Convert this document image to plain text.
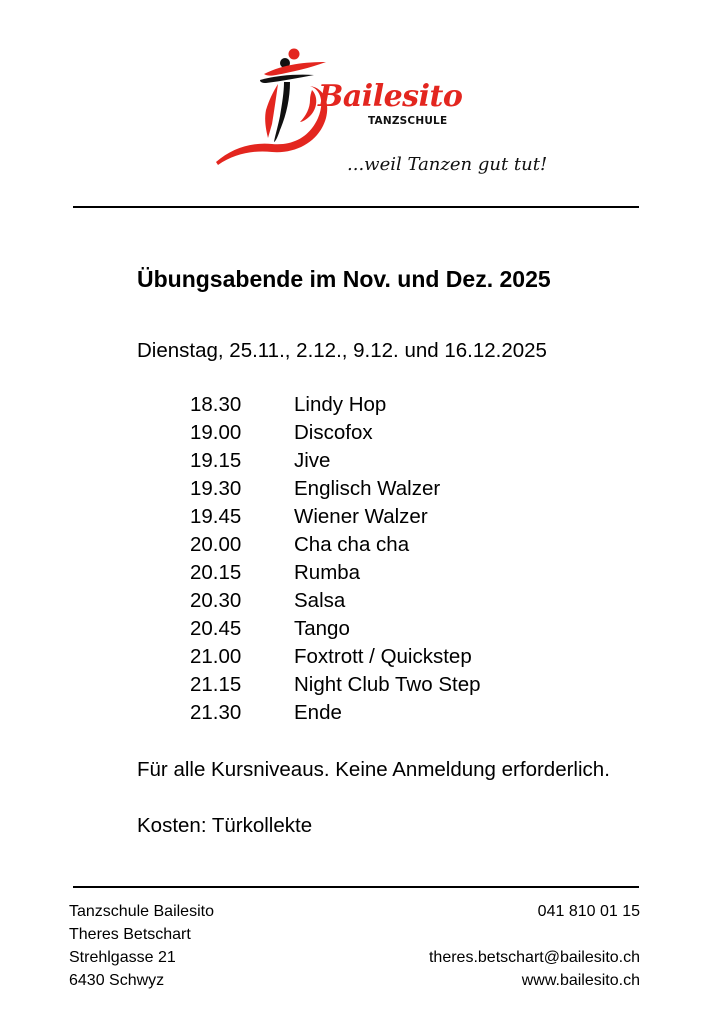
Bailesito
TANZSCHULE
...weil Tanzen gut tut!
Übungsabende im Nov. und Dez. 2025
Dienstag, 25.11., 2.12., 9.12. und 16.12.2025
18.30	Lindy Hop
19.00	Discofox
19.15	Jive
19.30	Englisch Walzer
19.45	Wiener Walzer
20.00	Cha cha cha
20.15	Rumba
20.30	Salsa
20.45	Tango
21.00	Foxtrott / Quickstep
21.15	Night Club Two Step
21.30	Ende
Für alle Kursniveaus. Keine Anmeldung erforderlich.
Kosten: Türkollekte
Tanzschule Bailesito
Theres Betschart
Strehlgasse 21
6430 Schwyz
041 810 01 15
theres.betschart@bailesito.ch
www.bailesito.ch
